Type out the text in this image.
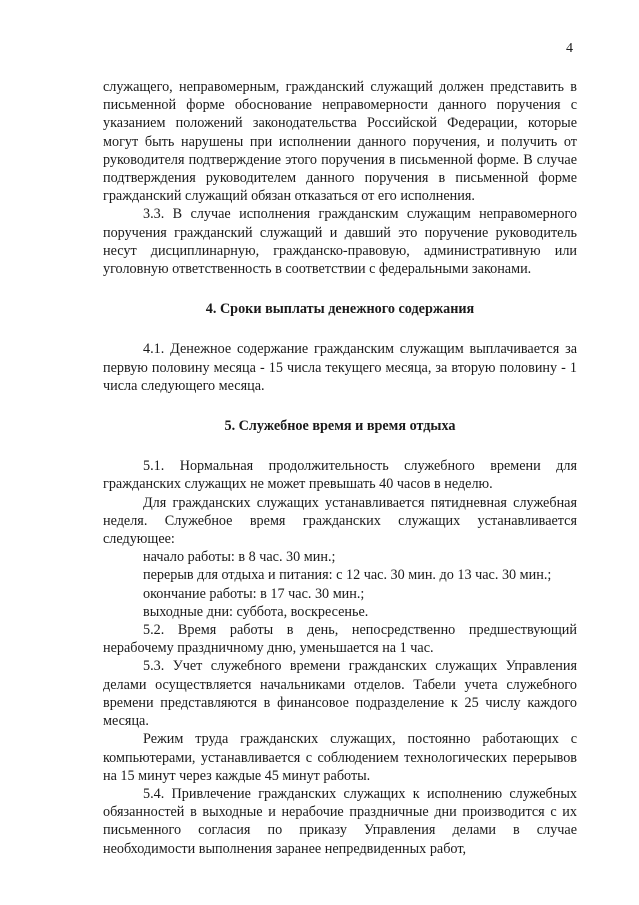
4

служащего, неправомерным, гражданский служащий должен представить в письменной форме обоснование неправомерности данного поручения с указанием положений законодательства Российской Федерации, которые могут быть нарушены при исполнении данного поручения, и получить от руководителя подтверждение этого поручения в письменной форме. В случае подтверждения руководителем данного поручения в письменной форме гражданский служащий обязан отказаться от его исполнения.

3.3. В случае исполнения гражданским служащим неправомерного поручения гражданский служащий и давший это поручение руководитель несут дисциплинарную, гражданско-правовую, административную или уголовную ответственность в соответствии с федеральными законами.

4. Сроки выплаты денежного содержания

4.1. Денежное содержание гражданским служащим выплачивается за первую половину месяца - 15 числа текущего месяца, за вторую половину - 1 числа следующего месяца.

5. Служебное время и время отдыха

5.1. Нормальная продолжительность служебного времени для гражданских служащих не может превышать 40 часов в неделю.

Для гражданских служащих устанавливается пятидневная служебная неделя. Служебное время гражданских служащих устанавливается следующее:

начало работы: в 8 час. 30 мин.;

перерыв для отдыха и питания: с 12 час. 30 мин. до 13 час. 30 мин.;

окончание работы: в 17 час. 30 мин.;

выходные дни: суббота, воскресенье.

5.2. Время работы в день, непосредственно предшествующий нерабочему праздничному дню, уменьшается на 1 час.

5.3. Учет служебного времени гражданских служащих Управления делами осуществляется начальниками отделов. Табели учета служебного времени представляются в финансовое подразделение к 25 числу каждого месяца.

Режим труда гражданских служащих, постоянно работающих с компьютерами, устанавливается с соблюдением технологических перерывов на 15 минут через каждые 45 минут работы.

5.4. Привлечение гражданских служащих к исполнению служебных обязанностей в выходные и нерабочие праздничные дни производится с их письменного согласия по приказу Управления делами в случае необходимости выполнения заранее непредвиденных работ,
